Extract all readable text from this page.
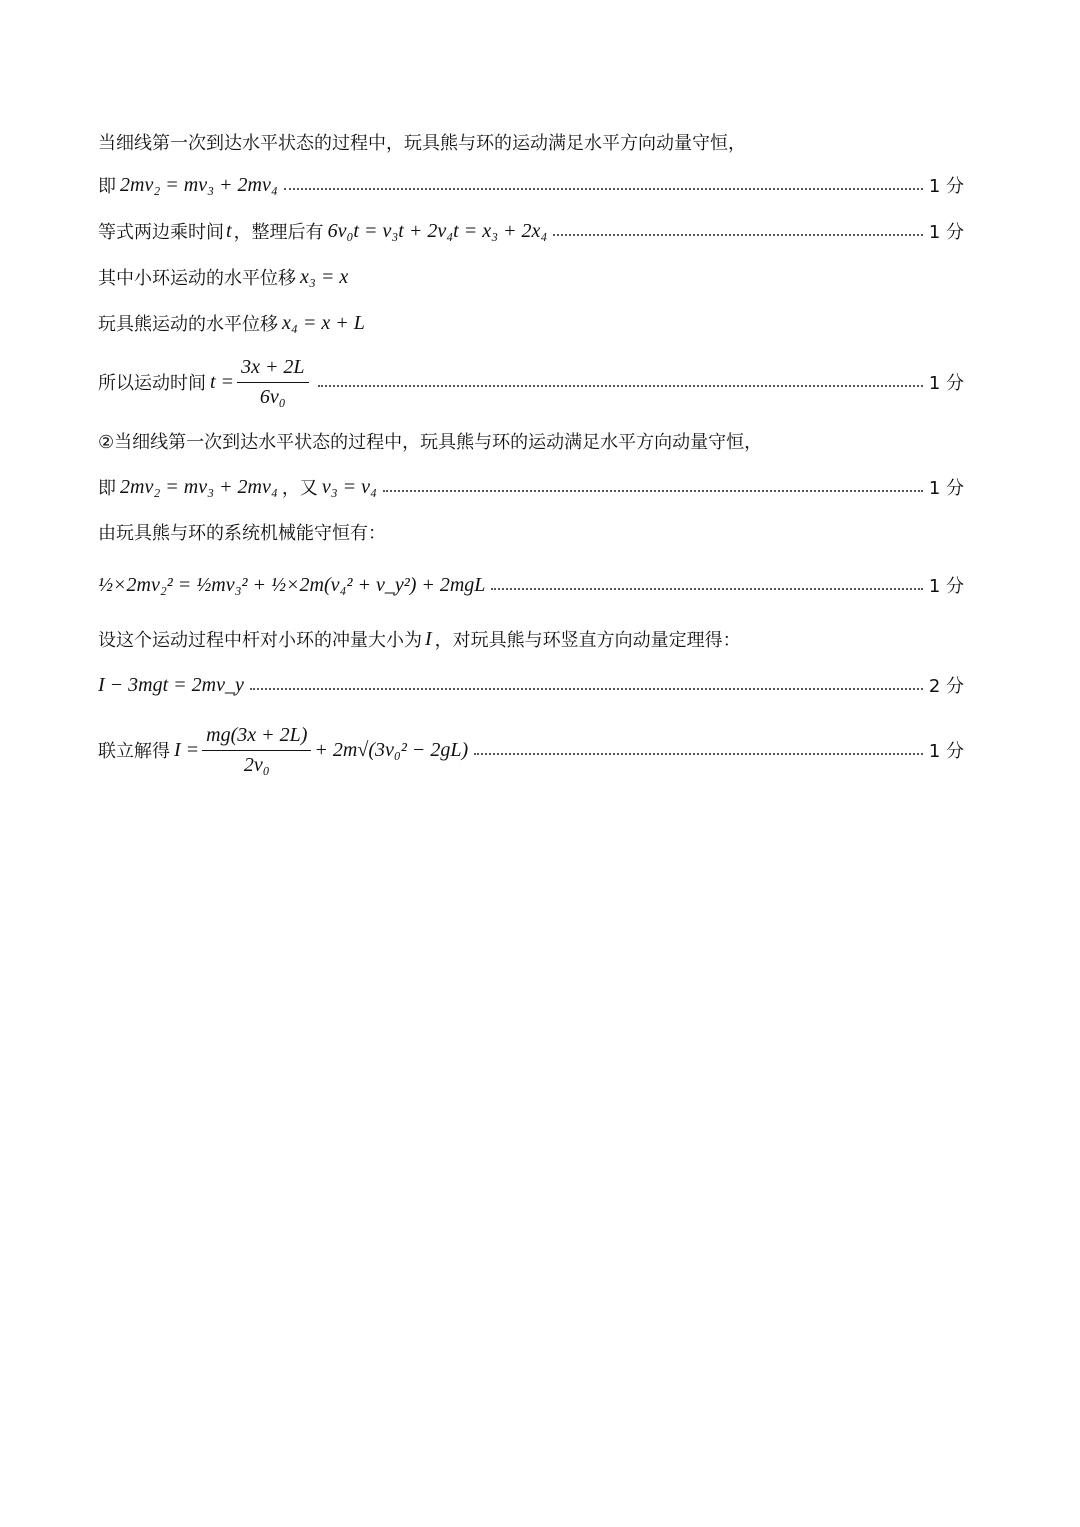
当细线第一次到达水平状态的过程中，玩具熊与环的运动满足水平方向动量守恒，
即 2mv₂ = mv₃ + 2mv₄	1 分
等式两边乘时间 t ，整理后有 6v₀t = v₃t + 2v₄t = x₃ + 2x₄	1 分
其中小环运动的水平位移 x₃ = x
玩具熊运动的水平位移 x₄ = x + L
所以运动时间 $t = \frac{3x + 2L}{\text{6v₀}}$	1 分
②当细线第一次到达水平状态的过程中，玩具熊与环的运动满足水平方向动量守恒，
即 2mv₂ = mv₃ + 2mv₄ ，又 v₃ = v₄	1 分
由玩具熊与环的系统机械能守恒有：
½×2mv₂² = ½mv₃² + ½×2m(v₄² + v_y²) + 2mgL	1 分
设这个运动过程中杆对小环的冲量大小为 I ，对玩具熊与环竖直方向动量定理得：
I − 3mgt = 2mv_y	2 分
联立解得 $I = \frac{mg(3x + 2L)}{\text{2v₀}} + 2m√(3v_0^2 - 2gL)$	1 分
